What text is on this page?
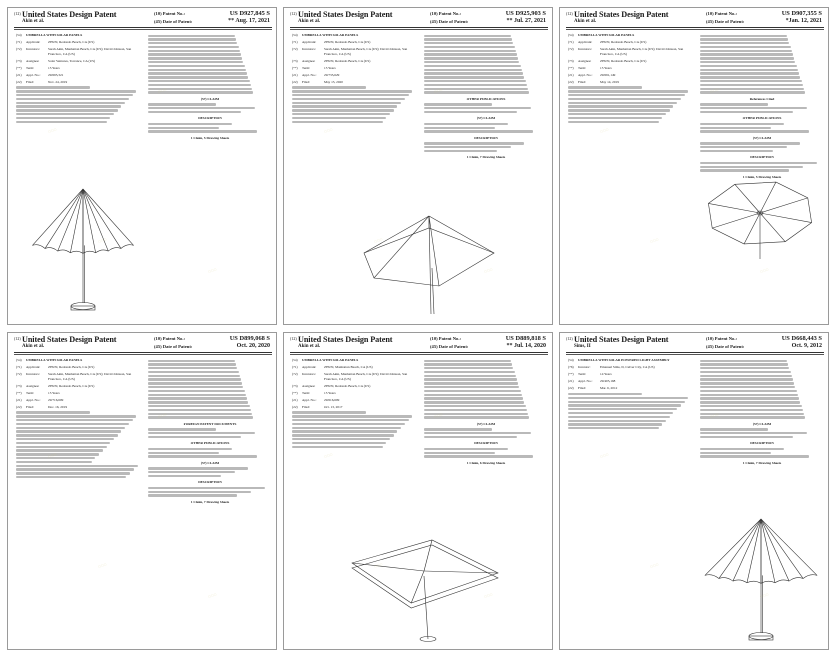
(12) United States Design Patent
Akin et al.
(10) Patent No.:	US D927,845 S
(45) Date of Patent:	** Aug. 17, 2021
(54)	UMBRELLA WITH SOLAR PANELS
(71)	Applicant:	ZHUN, Redondo Beach, CA (US)
(72)	Inventors:	Sarah Akin, Manhattan Beach, CA (US); David Johnson, San Francisco, CA (US)
(73)	Assignee:	Solar Ventures, Torrance, CA (US)
(**)	Term:	15 Years
(21)	Appl. No.:	29/695,321
(22)	Filed:	Nov. 24, 2019
(57) CLAIM
DESCRIPTION
1 Claim, 5 Drawing Sheets
◌◌◌
◌◌◌
◌◌◌
◌◌◌
(12) United States Design Patent
Akin et al.
(10) Patent No.:	US D925,903 S
(45) Date of Patent:	** Jul. 27, 2021
(54)	UMBRELLA WITH SOLAR PANELS
(71)	Applicant:	ZHUN, Redondo Beach, CA (US)
(72)	Inventors:	Sarah Akin, Manhattan Beach, CA (US); David Johnson, San Francisco, CA (US)
(73)	Assignee:	ZHUN, Redondo Beach, CA (US)
(**)	Term:	15 Years
(21)	Appl. No.:	29/735,629
(22)	Filed:	May 13, 2020
OTHER PUBLICATIONS
(57) CLAIM
DESCRIPTION
1 Claim, 7 Drawing Sheets
◌◌◌
◌◌◌
◌◌◌
◌◌◌
(12) United States Design Patent
Akin et al.
(10) Patent No.:	US D907,355 S
(45) Date of Patent:	*Jan. 12, 2021
(54)	UMBRELLA WITH SOLAR PANELS
(71)	Applicant:	ZHUN, Redondo Beach, CA (US)
(72)	Inventors:	Sarah Akin, Manhattan Beach, CA (US); David Johnson, San Francisco, CA (US)
(73)	Assignee:	ZHUN, Redondo Beach, CA (US)
(**)	Term:	15 Years
(21)	Appl. No.:	29/691,149
(22)	Filed:	May 14, 2019
References Cited
OTHER PUBLICATIONS
(57) CLAIM
DESCRIPTION
1 Claim, 5 Drawing Sheets
◌◌◌
◌◌◌
◌◌◌
◌◌◌
(12) United States Design Patent
Akin et al.
(10) Patent No.:	US D899,068 S
(45) Date of Patent:	Oct. 20, 2020
(54)	UMBRELLA WITH SOLAR PANELS
(71)	Applicant:	ZHUN, Redondo Beach, CA (US)
(72)	Inventors:	Sarah Akin, Manhattan Beach, CA (US); David Johnson, San Francisco, CA (US)
(73)	Assignee:	ZHUN, Redondo Beach, CA (US)
(**)	Term:	15 Years
(21)	Appl. No.:	29/716,609
(22)	Filed:	Dec. 16, 2019
FOREIGN PATENT DOCUMENTS
OTHER PUBLICATIONS
(57) CLAIM
DESCRIPTION
1 Claim, 7 Drawing Sheets
◌◌◌
◌◌◌
◌◌◌
◌◌◌
(12) United States Design Patent
Akin et al.
(10) Patent No.:	US D889,818 S
(45) Date of Patent:	** Jul. 14, 2020
(54)	UMBRELLA WITH SOLAR PANELS
(71)	Applicant:	ZHUN, Manhattan Beach, CA (US)
(72)	Inventors:	Sarah Akin, Manhattan Beach, CA (US); David Johnson, San Francisco, CA (US)
(73)	Assignee:	ZHUN, Redondo Beach, CA (US)
(**)	Term:	15 Years
(21)	Appl. No.:	29/616,609
(22)	Filed:	Oct. 13, 2017
(57) CLAIM
DESCRIPTION
1 Claim, 6 Drawing Sheets
◌◌◌
◌◌◌
◌◌◌
◌◌◌
(12) United States Design Patent
Sims, II
(10) Patent No.:	US D668,443 S
(45) Date of Patent:	Oct. 9, 2012
(54)	UMBRELLA WITH SOLAR POWERED LIGHT ASSEMBLY
(76)	Inventor:	Emanuel Sims, II, Culver City, CA (US)
(**)	Term:	14 Years
(21)	Appl. No.:	29/405,168
(22)	Filed:	Mar. 6, 2012
(57) CLAIM
DESCRIPTION
1 Claim, 7 Drawing Sheets
◌◌◌
◌◌◌
◌◌◌
◌◌◌
